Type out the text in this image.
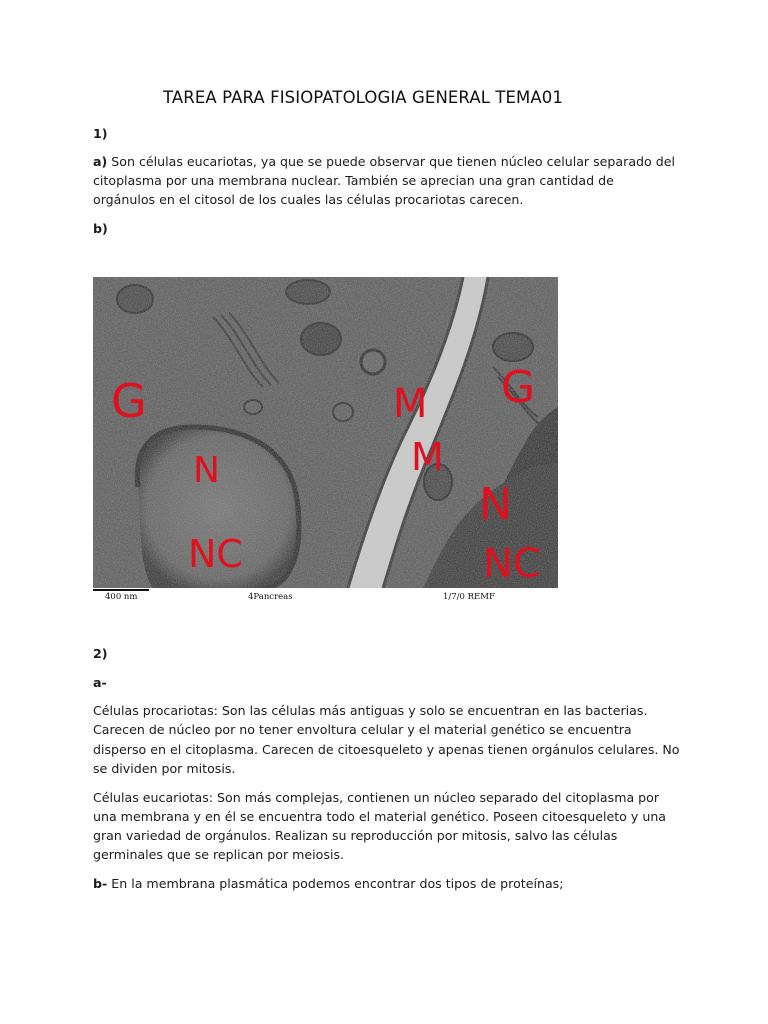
TAREA PARA FISIOPATOLOGIA GENERAL TEMA01
1)
a) Son células eucariotas, ya que se puede observar que tienen núcleo celular separado del
citoplasma por una membrana nuclear. También se aprecian una gran cantidad de
orgánulos en el citosol de los cuales las células procariotas carecen.
b)
G
N
NC
M
M
G
N
NC
400 nm	4Pancreas	1/7/0 REMF
2)
a-
Células procariotas: Son las células más antiguas y solo se encuentran en las bacterias.
Carecen de núcleo por no tener envoltura celular y el material genético se encuentra
disperso en el citoplasma. Carecen de citoesqueleto y apenas tienen orgánulos celulares. No
se dividen por mitosis.
Células eucariotas: Son más complejas, contienen un núcleo separado del citoplasma por
una membrana y en él se encuentra todo el material genético. Poseen citoesqueleto y una
gran variedad de orgánulos. Realizan su reproducción por mitosis, salvo las células
germinales que se replican por meiosis.
b- En la membrana plasmática podemos encontrar dos tipos de proteínas;
